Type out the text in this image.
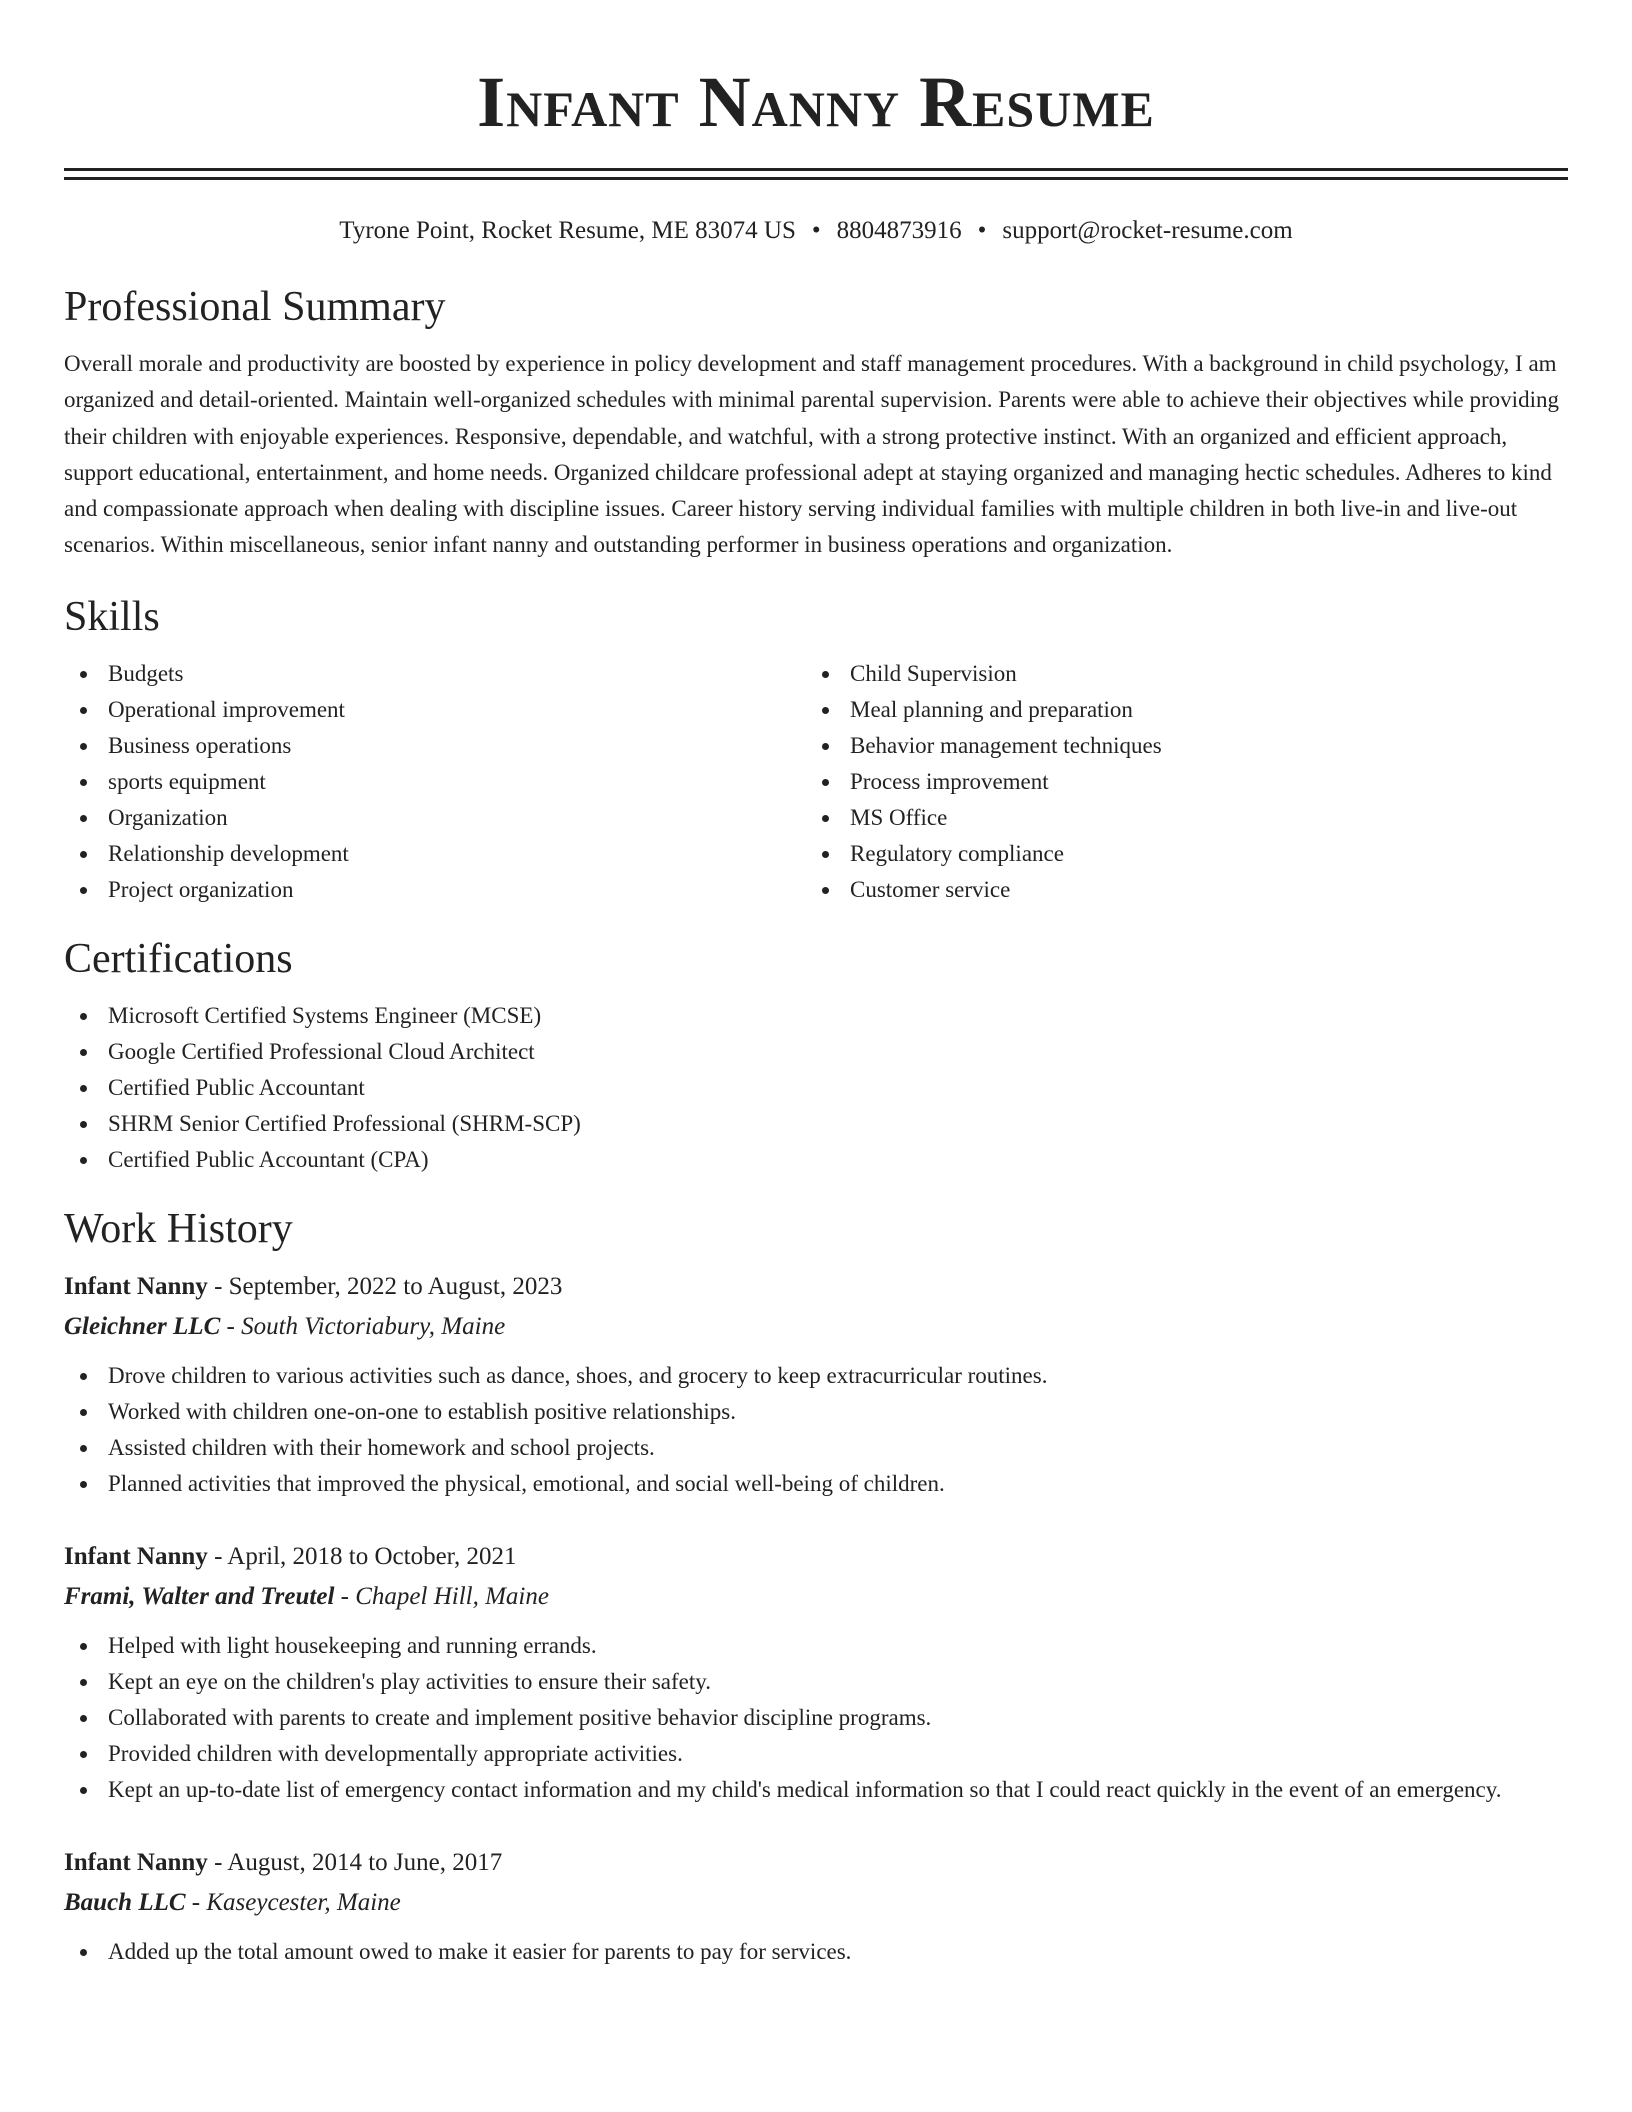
Infant Nanny Resume
Tyrone Point, Rocket Resume, ME 83074 US • 8804873916 • support@rocket-resume.com
Professional Summary

Overall morale and productivity are boosted by experience in policy development and staff management procedures. With a background in child psychology, I am organized and detail-oriented. Maintain well-organized schedules with minimal parental supervision. Parents were able to achieve their objectives while providing their children with enjoyable experiences. Responsive, dependable, and watchful, with a strong protective instinct. With an organized and efficient approach, support educational, entertainment, and home needs. Organized childcare professional adept at staying organized and managing hectic schedules. Adheres to kind and compassionate approach when dealing with discipline issues. Career history serving individual families with multiple children in both live-in and live-out scenarios. Within miscellaneous, senior infant nanny and outstanding performer in business operations and organization.

Skills
Budgets
Operational improvement
Business operations
sports equipment
Organization
Relationship development
Project organization
Child Supervision
Meal planning and preparation
Behavior management techniques
Process improvement
MS Office
Regulatory compliance
Customer service
Certifications
Microsoft Certified Systems Engineer (MCSE)
Google Certified Professional Cloud Architect
Certified Public Accountant
SHRM Senior Certified Professional (SHRM-SCP)
Certified Public Accountant (CPA)
Work History
Infant Nanny - September, 2022 to August, 2023
Gleichner LLC - South Victoriabury, Maine
Drove children to various activities such as dance, shoes, and grocery to keep extracurricular routines.
Worked with children one-on-one to establish positive relationships.
Assisted children with their homework and school projects.
Planned activities that improved the physical, emotional, and social well-being of children.
Infant Nanny - April, 2018 to October, 2021
Frami, Walter and Treutel - Chapel Hill, Maine
Helped with light housekeeping and running errands.
Kept an eye on the children's play activities to ensure their safety.
Collaborated with parents to create and implement positive behavior discipline programs.
Provided children with developmentally appropriate activities.
Kept an up-to-date list of emergency contact information and my child's medical information so that I could react quickly in the event of an emergency.
Infant Nanny - August, 2014 to June, 2017
Bauch LLC - Kaseycester, Maine
Added up the total amount owed to make it easier for parents to pay for services.
